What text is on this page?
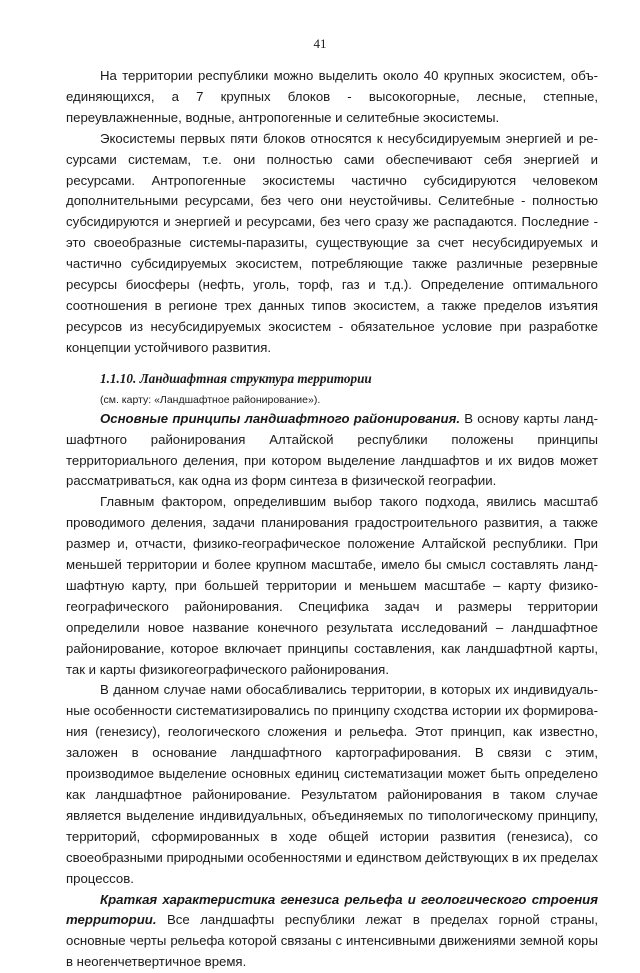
41

На территории республики можно выделить около 40 крупных экосистем, объединяющихся, а 7 крупных блоков - высокогорные, лесные, степные, переувлажненные, водные, антропогенные и селитебные экосистемы.

Экосистемы первых пяти блоков относятся к несубсидируемым энергией и ресурсами системам, т.е. они полностью сами обеспечивают себя энергией и ресурсами. Антропогенные экосистемы частично субсидируются человеком дополнительными ресурсами, без чего они неустойчивы. Селитебные - полностью субсидируются и энергией и ресурсами, без чего сразу же распадаются. Последние - это своеобразные системы-паразиты, существующие за счет несубсидируемых и частично субсидируемых экосистем, потребляющие также различные резервные ресурсы биосферы (нефть, уголь, торф, газ и т.д.). Определение оптимального соотношения в регионе трех данных типов экосистем, а также пределов изъятия ресурсов из несубсидируемых экосистем - обязательное условие при разработке концепции устойчивого развития.

1.1.10. Ландшафтная структура территории

(см. карту: «Ландшафтное районирование»).

Основные принципы ландшафтного районирования. В основу карты ландшафтного районирования Алтайской республики положены принципы территориального деления, при котором выделение ландшафтов и их видов может рассматриваться, как одна из форм синтеза в физической географии.

Главным фактором, определившим выбор такого подхода, явились масштаб проводимого деления, задачи планирования градостроительного развития, а также размер и, отчасти, физико-географическое положение Алтайской республики. При меньшей территории и более крупном масштабе, имело бы смысл составлять ландшафтную карту, при большей территории и меньшем масштабе – карту физикогеографического районирования. Специфика задач и размеры территории определили новое название конечного результата исследований – ландшафтное районирование, которое включает принципы составления, как ландшафтной карты, так и карты физикогеографического районирования.

В данном случае нами обосабливались территории, в которых их индивидуальные особенности систематизировались по принципу сходства истории их формирования (генезису), геологического сложения и рельефа. Этот принцип, как известно, заложен в основание ландшафтного картографирования. В связи с этим, производимое выделение основных единиц систематизации может быть определено как ландшафтное районирование. Результатом районирования в таком случае является выделение индивидуальных, объединяемых по типологическому принципу, территорий, сформированных в ходе общей истории развития (генезиса), со своеобразными природными особенностями и единством действующих в их пределах процессов.

Краткая характеристика генезиса рельефа и геологического строения территории. Все ландшафты республики лежат в пределах горной страны, основные черты рельефа которой связаны с интенсивными движениями земной коры в неогенчетвертичное время.
